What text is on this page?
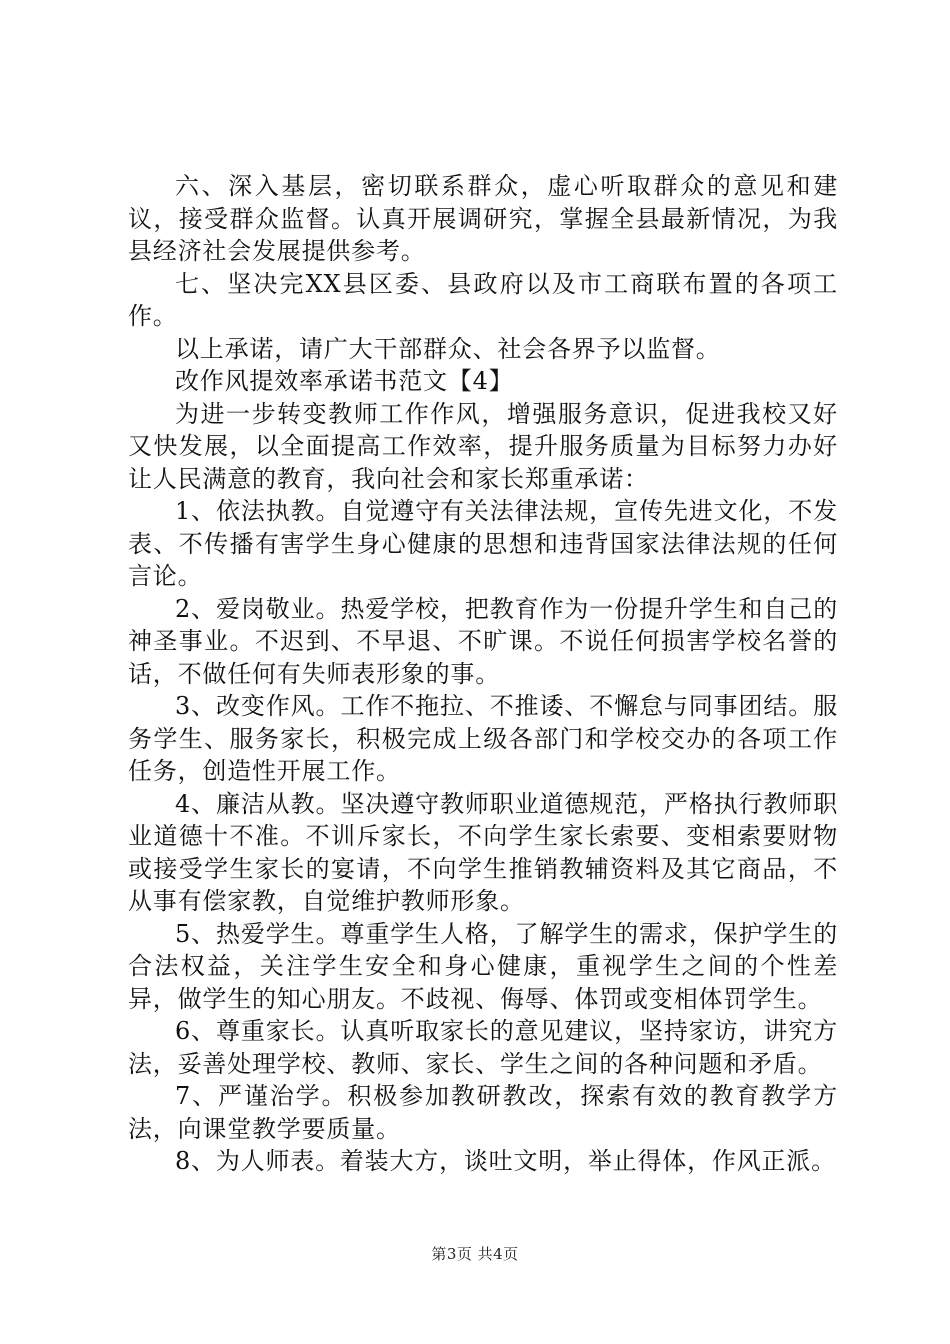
六、深入基层，密切联系群众，虚心听取群众的意见和建议，接受群众监督。认真开展调研究，掌握全县最新情况，为我县经济社会发展提供参考。

七、坚决完XX县区委、县政府以及市工商联布置的各项工作。

以上承诺，请广大干部群众、社会各界予以监督。

改作风提效率承诺书范文【4】

为进一步转变教师工作作风，增强服务意识，促进我校又好又快发展，以全面提高工作效率，提升服务质量为目标努力办好让人民满意的教育，我向社会和家长郑重承诺：

1、依法执教。自觉遵守有关法律法规，宣传先进文化，不发表、不传播有害学生身心健康的思想和违背国家法律法规的任何言论。

2、爱岗敬业。热爱学校，把教育作为一份提升学生和自己的神圣事业。不迟到、不早退、不旷课。不说任何损害学校名誉的话，不做任何有失师表形象的事。

3、改变作风。工作不拖拉、不推诿、不懈怠与同事团结。服务学生、服务家长，积极完成上级各部门和学校交办的各项工作任务，创造性开展工作。

4、廉洁从教。坚决遵守教师职业道德规范，严格执行教师职业道德十不准。不训斥家长，不向学生家长索要、变相索要财物或接受学生家长的宴请，不向学生推销教辅资料及其它商品，不从事有偿家教，自觉维护教师形象。

5、热爱学生。尊重学生人格，了解学生的需求，保护学生的合法权益，关注学生安全和身心健康，重视学生之间的个性差异，做学生的知心朋友。不歧视、侮辱、体罚或变相体罚学生。

6、尊重家长。认真听取家长的意见建议，坚持家访，讲究方法，妥善处理学校、教师、家长、学生之间的各种问题和矛盾。

7、严谨治学。积极参加教研教改，探索有效的教育教学方法，向课堂教学要质量。

8、为人师表。着装大方，谈吐文明，举止得体，作风正派。

第3页 共4页
